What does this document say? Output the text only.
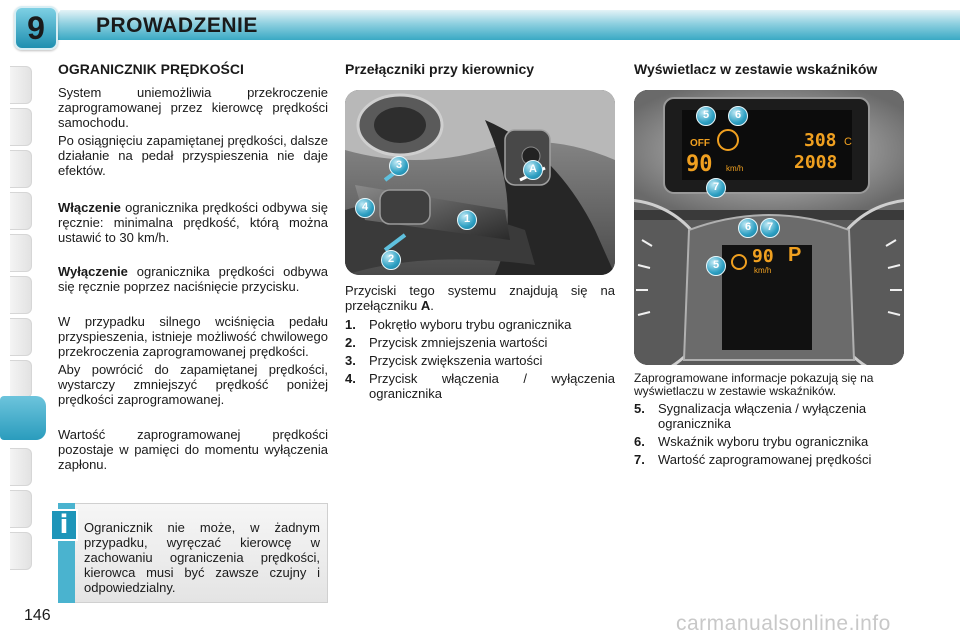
9	PROWADZENIE
OGRANICZNIK PRĘDKOŚCI

System uniemożliwia przekroczenie zaprogramowanej przez kierowcę prędkości samochodu.

Po osiągnięciu zapamiętanej prędkości, dalsze działanie na pedał przyspieszenia nie daje efektów.

Włączenie ogranicznika prędkości odbywa się ręcznie: minimalna prędkość, którą można ustawić to 30 km/h.

Wyłączenie ogranicznika prędkości odbywa się ręcznie poprzez naciśnięcie przycisku.

W przypadku silnego wciśnięcia pedału przyspieszenia, istnieje możliwość chwilowego przekroczenia zaprogramowanej prędkości.

Aby powrócić do zapamiętanej prędkości, wystarczy zmniejszyć prędkość poniżej prędkości zaprogramowanej.

Wartość zaprogramowanej prędkości pozostaje w pamięci do momentu wyłączenia zapłonu.

i	Ogranicznik nie może, w żadnym przypadku, wyręczać kierowcę w zachowaniu ograniczenia prędkości, kierowca musi być zawsze czujny i odpowiedzialny.
Przełączniki przy kierownicy
3
4
1
2
A

Przyciski tego systemu znajdują się na przełączniku A.

1.	Pokrętło wyboru trybu ogranicznika
2.	Przycisk zmniejszenia wartości
3.	Przycisk zwiększenia wartości
4.	Przycisk włączenia / wyłączenia ogranicznika
Wyświetlacz w zestawie wskaźników
OFF
90 km/h
308 C
2008
90
km/h
P
5	6
7
6	7
5

Zaprogramowane informacje pokazują się na wyświetlaczu w zestawie wskaźników.

5.	Sygnalizacja włączenia / wyłączenia ogranicznika
6.	Wskaźnik wyboru trybu ogranicznika
7.	Wartość zaprogramowanej prędkości
146	carmanualsonline.info
